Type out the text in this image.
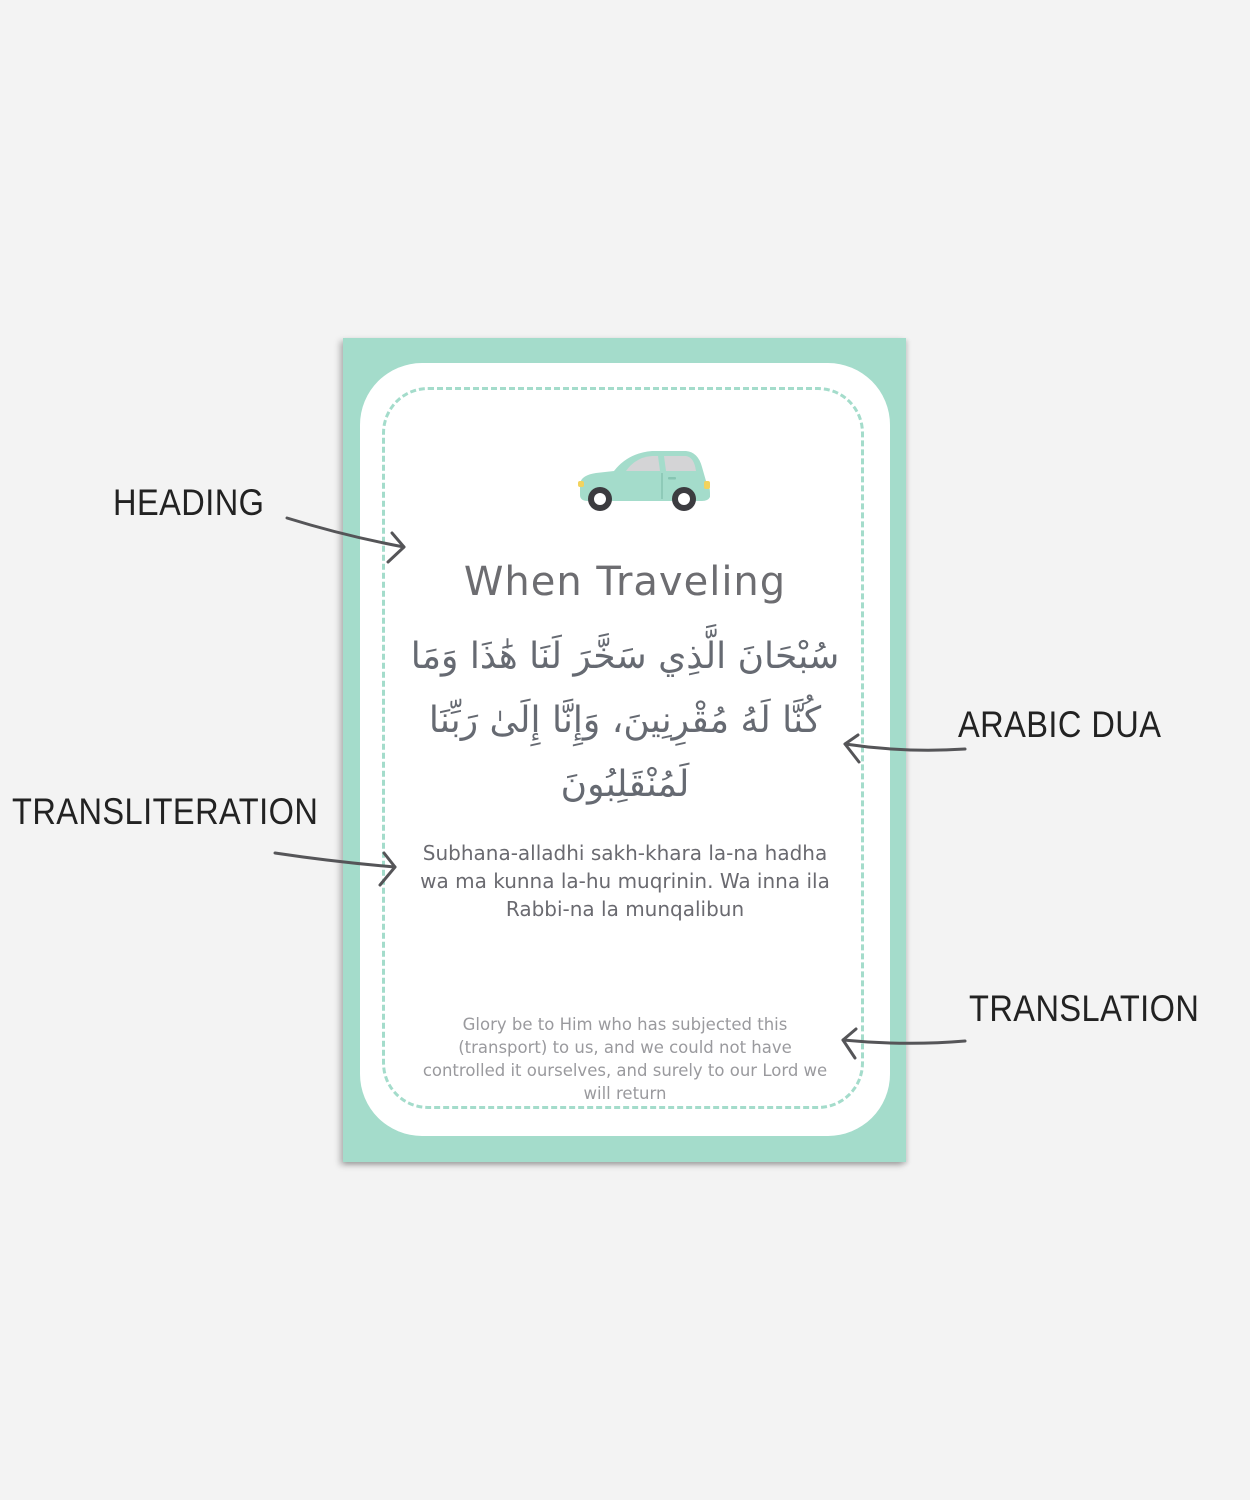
When Traveling
سُبْحَانَ الَّذِي سَخَّرَ لَنَا هَٰذَا وَمَا كُنَّا لَهُ مُقْرِنِينَ، وَإِنَّا إِلَىٰ رَبِّنَا لَمُنْقَلِبُونَ
Subhana-alladhi sakh-khara la-na hadha wa ma kunna la-hu muqrinin. Wa inna ila Rabbi-na la munqalibun
Glory be to Him who has subjected this (transport) to us, and we could not have controlled it ourselves, and surely to our Lord we will return
HEADING
TRANSLITERATION
ARABIC DUA
TRANSLATION
